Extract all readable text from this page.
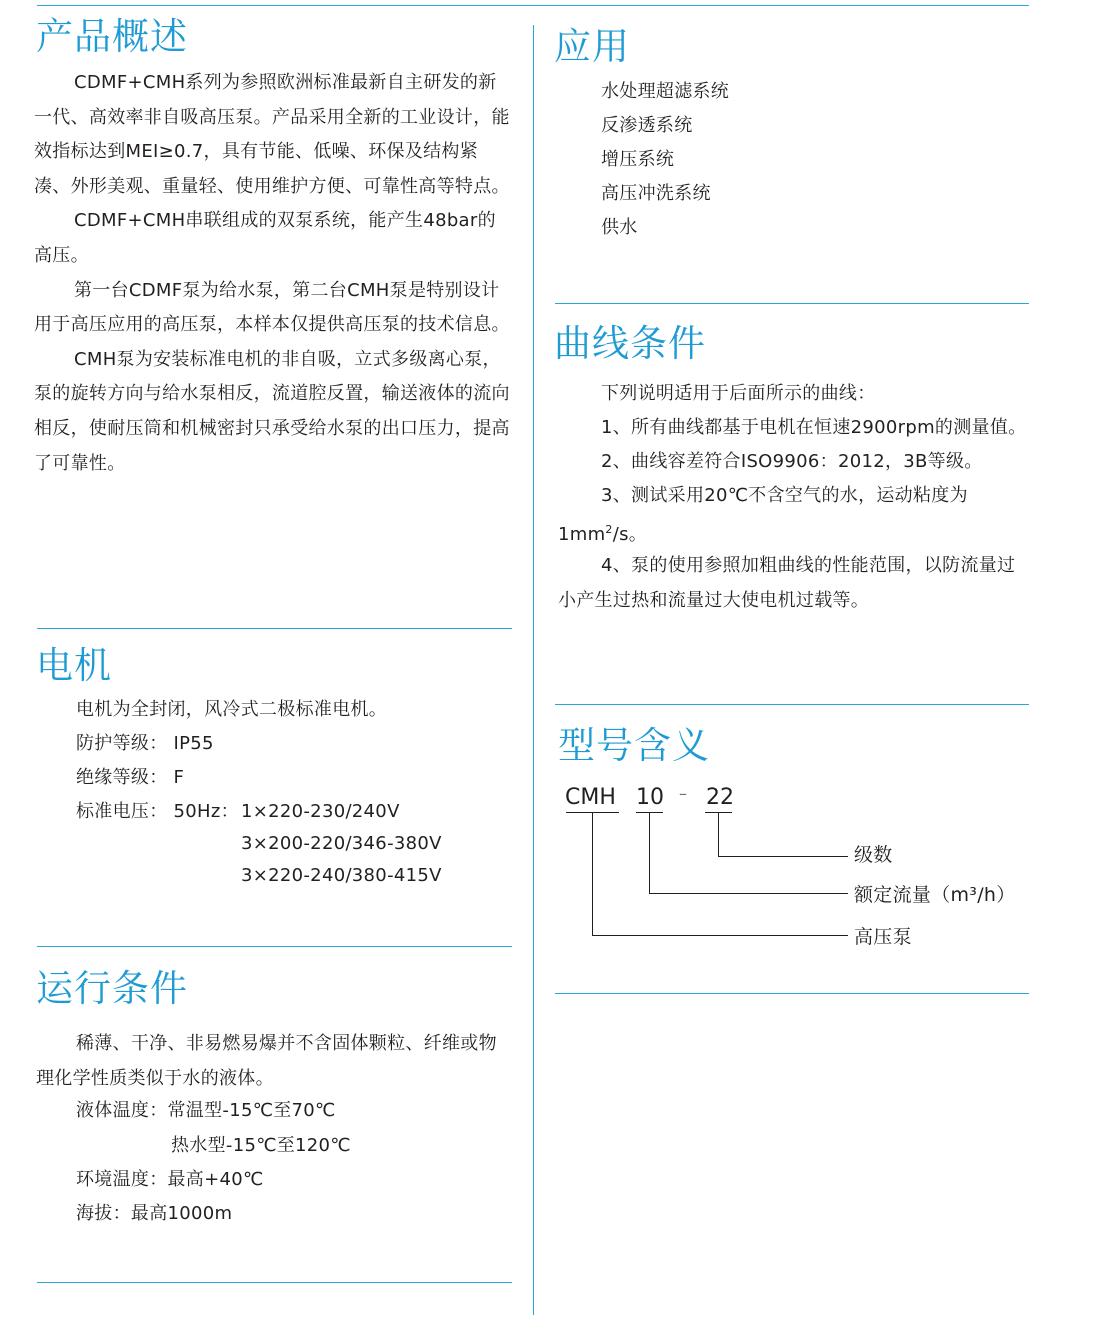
产品概述

CDMF+CMH系列为参照欧洲标准最新自主研发的新一代、高效率非自吸高压泵。产品采用全新的工业设计，能效指标达到MEI≥0.7，具有节能、低噪、环保及结构紧凑、外形美观、重量轻、使用维护方便、可靠性高等特点。

CDMF+CMH串联组成的双泵系统，能产生48bar的高压。

第一台CDMF泵为给水泵，第二台CMH泵是特别设计用于高压应用的高压泵，本样本仅提供高压泵的技术信息。

CMH泵为安装标准电机的非自吸，立式多级离心泵，泵的旋转方向与给水泵相反，流道腔反置，输送液体的流向相反，使耐压筒和机械密封只承受给水泵的出口压力，提高了可靠性。

电机
电机为全封闭，风冷式二极标准电机。
防护等级： IP55
绝缘等级： F
标准电压： 50Hz： 1×220-230/240V
3×200-220/346-380V
3×220-240/380-415V
运行条件

稀薄、干净、非易燃易爆并不含固体颗粒、纤维或物理化学性质类似于水的液体。

液体温度：常温型-15℃至70℃
热水型-15℃至120℃
环境温度：最高+40℃
海拔：最高1000m
应用
水处理超滤系统
反渗透系统
增压系统
高压冲洗系统
供水
曲线条件
下列说明适用于后面所示的曲线：
1、所有曲线都基于电机在恒速2900rpm的测量值。
2、曲线容差符合ISO9906：2012，3B等级。
3、测试采用20℃不含空气的水，运动粘度为
$1mm^2/s$。

4、泵的使用参照加粗曲线的性能范围，以防流量过小产生过热和流量过大使电机过载等。

型号含义
CMH 10 – 22
级数
额定流量（m³/h）
高压泵
